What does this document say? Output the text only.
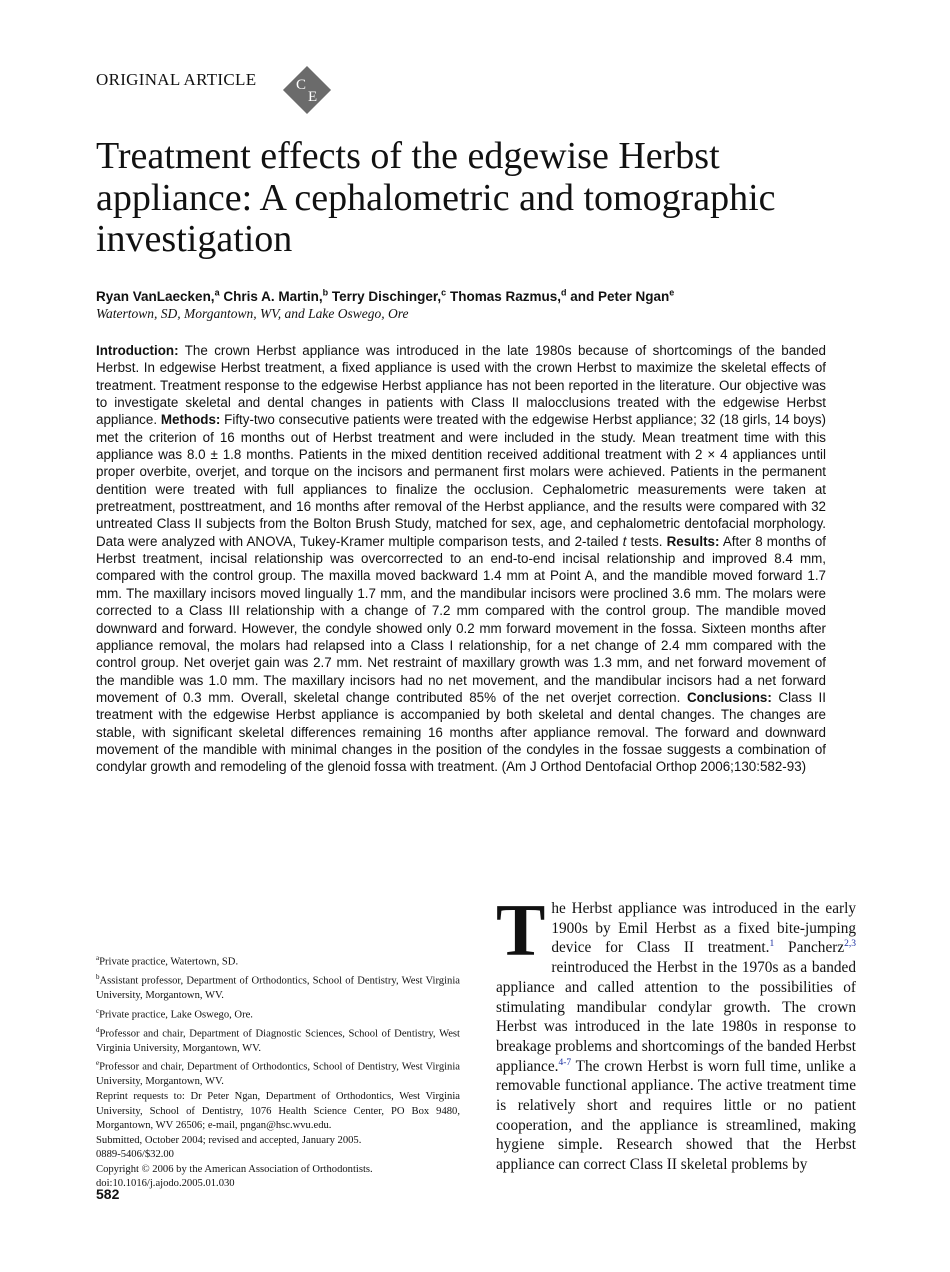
ORIGINAL ARTICLE	C
E
Treatment effects of the edgewise Herbst appliance: A cephalometric and tomographic investigation
Ryan VanLaecken,$^a$ Chris A. Martin,$^b$ Terry Dischinger,$^c$ Thomas Razmus,$^d$ and Peter Ngan$^e$
Watertown, SD, Morgantown, WV, and Lake Oswego, Ore

Introduction: The crown Herbst appliance was introduced in the late 1980s because of shortcomings of the banded Herbst. In edgewise Herbst treatment, a fixed appliance is used with the crown Herbst to maximize the skeletal effects of treatment. Treatment response to the edgewise Herbst appliance has not been reported in the literature. Our objective was to investigate skeletal and dental changes in patients with Class II malocclusions treated with the edgewise Herbst appliance. Methods: Fifty-two consecutive patients were treated with the edgewise Herbst appliance; 32 (18 girls, 14 boys) met the criterion of 16 months out of Herbst treatment and were included in the study. Mean treatment time with this appliance was 8.0 ± 1.8 months. Patients in the mixed dentition received additional treatment with 2 × 4 appliances until proper overbite, overjet, and torque on the incisors and permanent first molars were achieved. Patients in the permanent dentition were treated with full appliances to finalize the occlusion. Cephalometric measurements were taken at pretreatment, posttreatment, and 16 months after removal of the Herbst appliance, and the results were compared with 32 untreated Class II subjects from the Bolton Brush Study, matched for sex, age, and cephalometric dentofacial morphology. Data were analyzed with ANOVA, Tukey-Kramer multiple comparison tests, and 2-tailed t tests. Results: After 8 months of Herbst treatment, incisal relationship was overcorrected to an end-to-end incisal relationship and improved 8.4 mm, compared with the control group. The maxilla moved backward 1.4 mm at Point A, and the mandible moved forward 1.7 mm. The maxillary incisors moved lingually 1.7 mm, and the mandibular incisors were proclined 3.6 mm. The molars were corrected to a Class III relationship with a change of 7.2 mm compared with the control group. The mandible moved downward and forward. However, the condyle showed only 0.2 mm forward movement in the fossa. Sixteen months after appliance removal, the molars had relapsed into a Class I relationship, for a net change of 2.4 mm compared with the control group. Net overjet gain was 2.7 mm. Net restraint of maxillary growth was 1.3 mm, and net forward movement of the mandible was 1.0 mm. The maxillary incisors had no net movement, and the mandibular incisors had a net forward movement of 0.3 mm. Overall, skeletal change contributed 85% of the net overjet correction. Conclusions: Class II treatment with the edgewise Herbst appliance is accompanied by both skeletal and dental changes. The changes are stable, with significant skeletal differences remaining 16 months after appliance removal. The forward and downward movement of the mandible with minimal changes in the position of the condyles in the fossae suggests a combination of condylar growth and remodeling of the glenoid fossa with treatment. (Am J Orthod Dentofacial Orthop 2006;130:582-93)

$^a$Private practice, Watertown, SD.
$^b$Assistant professor, Department of Orthodontics, School of Dentistry, West Virginia University, Morgantown, WV.
$^c$Private practice, Lake Oswego, Ore.
$^d$Professor and chair, Department of Diagnostic Sciences, School of Dentistry, West Virginia University, Morgantown, WV.
$^e$Professor and chair, Department of Orthodontics, School of Dentistry, West Virginia University, Morgantown, WV.
Reprint requests to: Dr Peter Ngan, Department of Orthodontics, West Virginia University, School of Dentistry, 1076 Health Science Center, PO Box 9480, Morgantown, WV 26506; e-mail, pngan@hsc.wvu.edu.
Submitted, October 2004; revised and accepted, January 2005.
0889-5406/$32.00
Copyright © 2006 by the American Association of Orthodontists.
doi:10.1016/j.ajodo.2005.01.030
582

The Herbst appliance was introduced in the early 1900s by Emil Herbst as a fixed bite-jumping device for Class II treatment.$^1$ Pancherz$^{2,3}$ reintroduced the Herbst in the 1970s as a banded appliance and called attention to the possibilities of stimulating mandibular condylar growth. The crown Herbst was introduced in the late 1980s in response to breakage problems and shortcomings of the banded Herbst appliance.$^{4-7}$ The crown Herbst is worn full time, unlike a removable functional appliance. The active treatment time is relatively short and requires little or no patient cooperation, and the appliance is streamlined, making hygiene simple. Research showed that the Herbst appliance can correct Class II skeletal problems by
